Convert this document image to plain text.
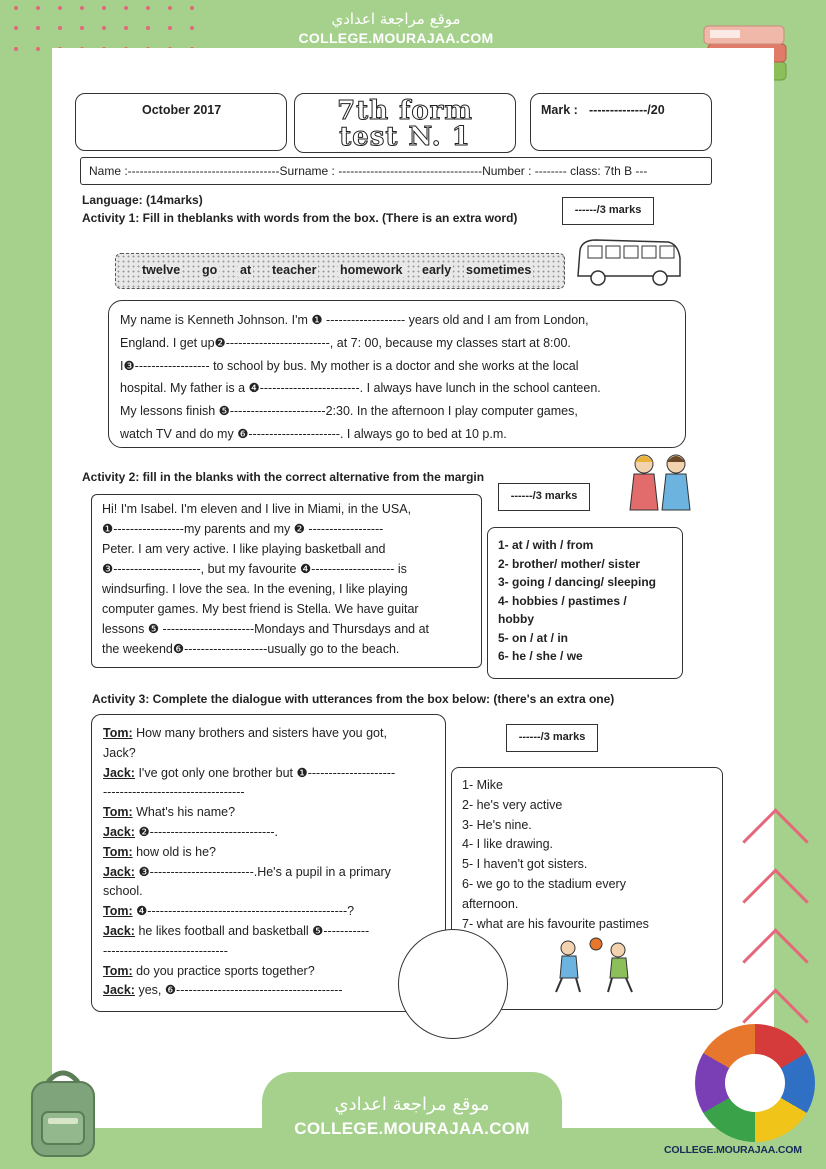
موقع مراجعة اعدادي
COLLEGE.MOURAJAA.COM
October 2017	7th form
test N. 1
Mark : --------------/20
Name :--------------------------------------Surname : ------------------------------------Number : -------- class: 7th B ---
Language: (14marks)
Activity 1: Fill in theblanks with words from the box. (There is an extra word)
------/3 marks
twelve go at teacher homework early sometimes

My name is Kenneth Johnson. I'm ❶ ------------------- years old and I am from London,

England. I get up❷-------------------------, at 7: 00, because my classes start at 8:00.

I❸------------------ to school by bus. My mother is a doctor and she works at the local

hospital. My father is a ❹------------------------. I always have lunch in the school canteen.

My lessons finish ❺-----------------------2:30. In the afternoon I play computer games,

watch TV and do my ❻----------------------. I always go to bed at 10 p.m.

Activity 2: fill in the blanks with the correct alternative from the margin
------/3 marks

Hi! I'm Isabel. I'm eleven and I live in Miami, in the USA,

❶-----------------my parents and my ❷ ------------------

Peter. I am very active. I like playing basketball and

❸---------------------, but my favourite ❹-------------------- is

windsurfing. I love the sea. In the evening, I like playing

computer games. My best friend is Stella. We have guitar

lessons ❺ ----------------------Mondays and Thursdays and at

the weekend❻--------------------usually go to the beach.

1- at / with / from
2- brother/ mother/ sister
3- going / dancing/ sleeping
4- hobbies / pastimes /
hobby
5- on / at / in
6- he / she / we
Activity 3: Complete the dialogue with utterances from the box below: (there's an extra one)
------/3 marks
Tom: How many brothers and sisters have you got,
Jack?
Jack: I've got only one brother but ❶---------------------
----------------------------------
Tom: What's his name?
Jack: ❷------------------------------.
Tom: how old is he?
Jack: ❸-------------------------.He's a pupil in a primary
school.
Tom: ❹------------------------------------------------?
Jack: he likes football and basketball ❺-----------
------------------------------
Tom: do you practice sports together?
Jack: yes, ❻----------------------------------------
1- Mike
2- he's very active
3- He's nine.
4- I like drawing.
5- I haven't got sisters.
6- we go to the stadium every
afternoon.
7- what are his favourite pastimes
موقع مراجعة اعدادي
COLLEGE.MOURAJAA.COM
COLLEGE.MOURAJAA.COM
